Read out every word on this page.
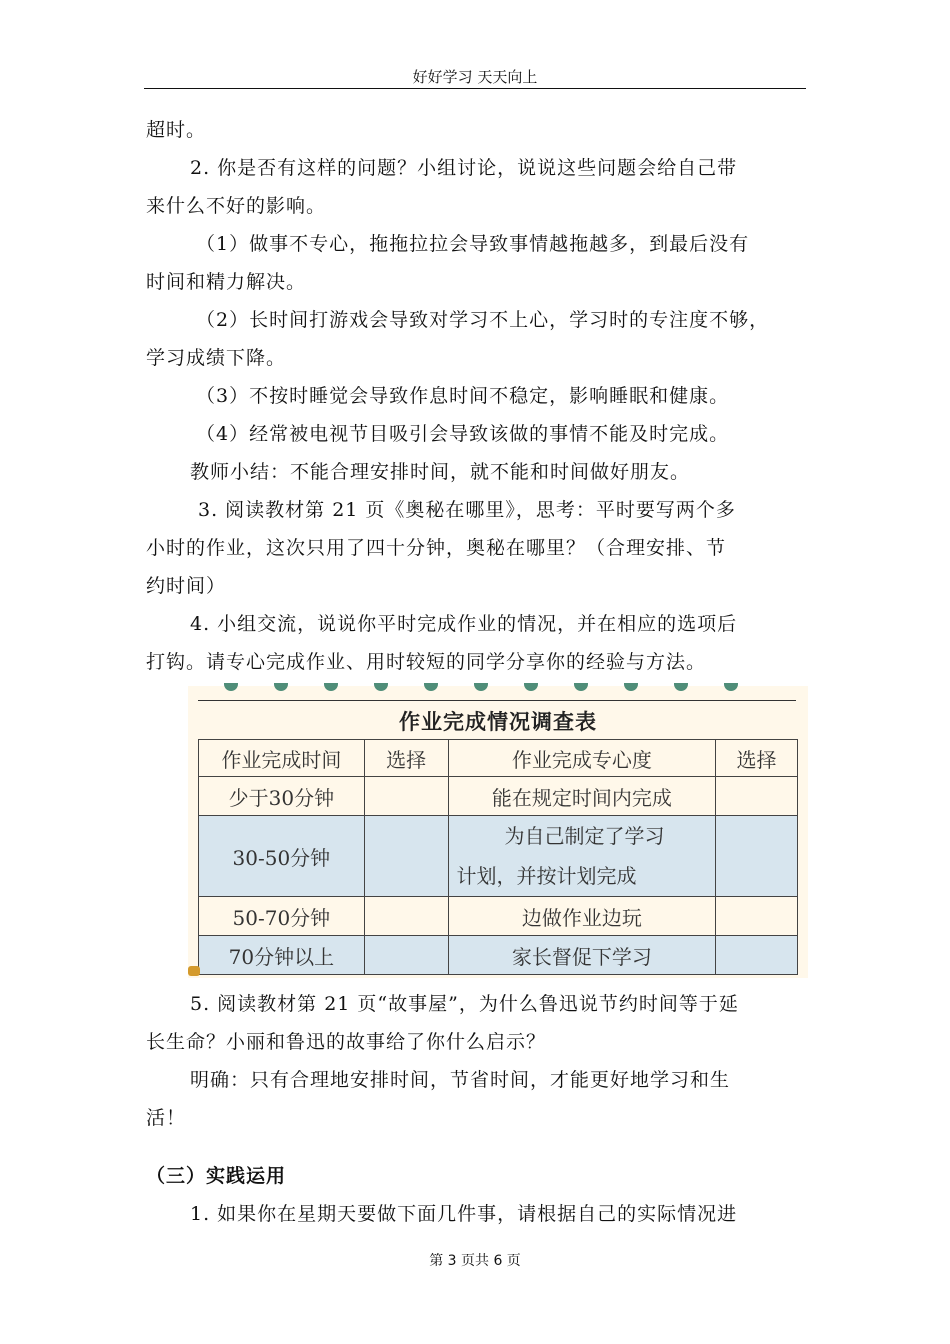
好好学习 天天向上
超时。
2. 你是否有这样的问题？小组讨论，说说这些问题会给自己带
来什么不好的影响。
（1）做事不专心，拖拖拉拉会导致事情越拖越多，到最后没有
时间和精力解决。
（2）长时间打游戏会导致对学习不上心，学习时的专注度不够，
学习成绩下降。
（3）不按时睡觉会导致作息时间不稳定，影响睡眠和健康。
（4）经常被电视节目吸引会导致该做的事情不能及时完成。
教师小结：不能合理安排时间，就不能和时间做好朋友。
3. 阅读教材第 21 页《奥秘在哪里》，思考：平时要写两个多
小时的作业，这次只用了四十分钟，奥秘在哪里？（合理安排、节
约时间）
4. 小组交流，说说你平时完成作业的情况，并在相应的选项后
打钩。请专心完成作业、用时较短的同学分享你的经验与方法。
作业完成情况调查表
作业完成时间	选择	作业完成专心度	选择
少于30分钟		能在规定时间内完成	
30-50分钟		为自己制定了学习
计划，并按计划完成	

50-70分钟		边做作业边玩	
70分钟以上		家长督促下学习	
5. 阅读教材第 21 页“故事屋”，为什么鲁迅说节约时间等于延
长生命？小丽和鲁迅的故事给了你什么启示？
明确：只有合理地安排时间，节省时间，才能更好地学习和生
活！
（三）实践运用
1. 如果你在星期天要做下面几件事，请根据自己的实际情况进
第 3 页共 6 页
